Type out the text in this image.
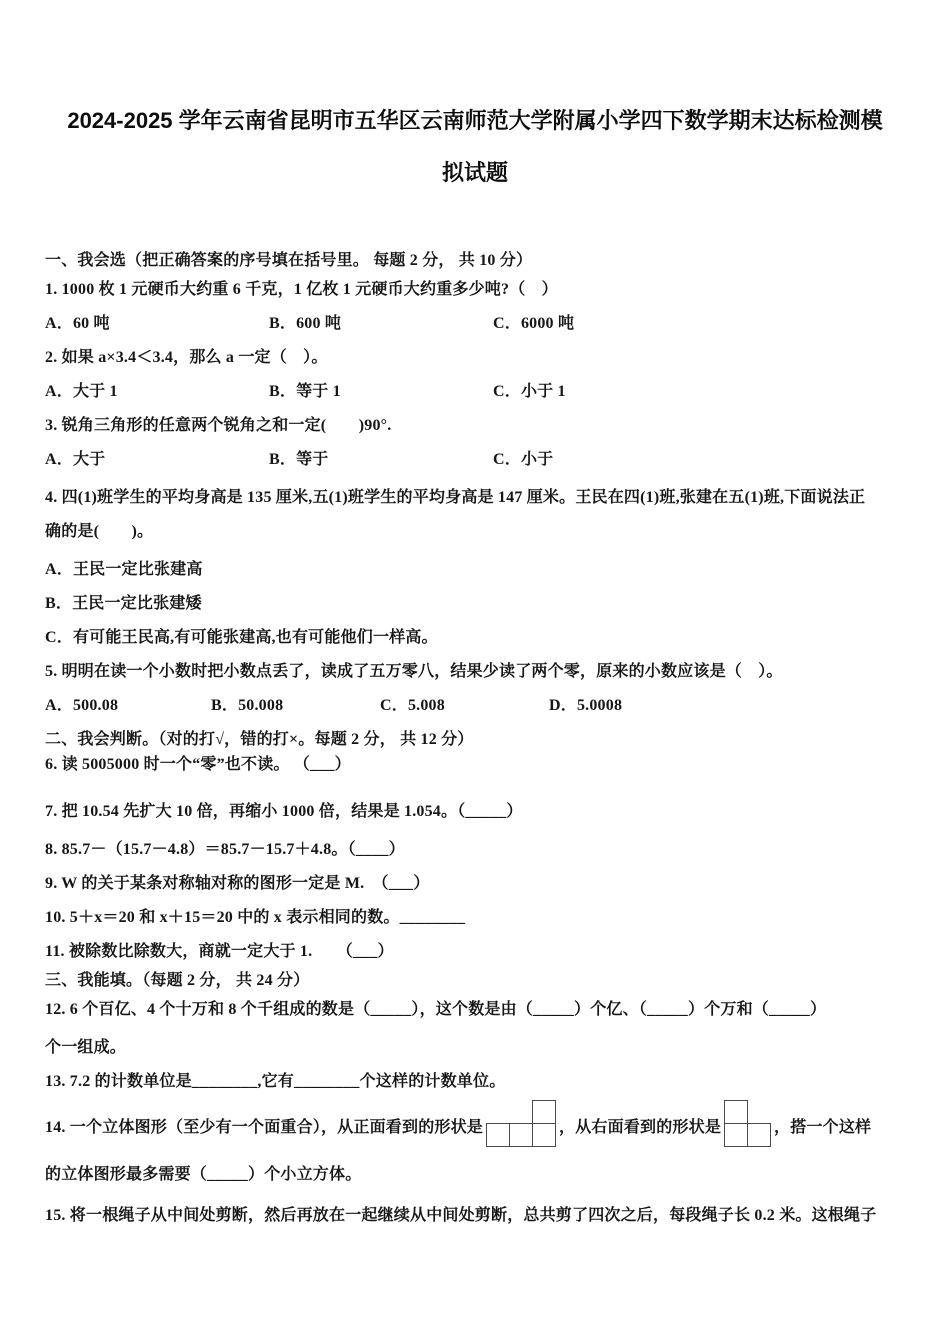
2024-2025 学年云南省昆明市五华区云南师范大学附属小学四下数学期末达标检测模
拟试题
一、我会选（把正确答案的序号填在括号里。 每题 2 分， 共 10 分）
1. 1000 枚 1 元硬币大约重 6 千克，1 亿枚 1 元硬币大约重多少吨?（　）
A．60 吨	B．600 吨	C．6000 吨
2. 如果 a×3.4＜3.4，那么 a 一定（　）。
A．大于 1	B．等于 1	C．小于 1
3. 锐角三角形的任意两个锐角之和一定(　　)90°.
A．大于	B．等于	C．小于
4. 四(1)班学生的平均身高是 135 厘米,五(1)班学生的平均身高是 147 厘米。王民在四(1)班,张建在五(1)班,下面说法正
确的是(　　)。
A．王民一定比张建高
B．王民一定比张建矮
C．有可能王民高,有可能张建高,也有可能他们一样高。
5. 明明在读一个小数时把小数点丢了，读成了五万零八，结果少读了两个零，原来的小数应该是（　）。
A．500.08	B．50.008	C．5.008	D．5.0008
二、我会判断。（对的打√，错的打×。每题 2 分， 共 12 分）
6. 读 5005000 时一个“零”也不读。 （___）
7. 把 10.54 先扩大 10 倍，再缩小 1000 倍，结果是 1.054。（_____）
8. 85.7－（15.7－4.8）＝85.7－15.7＋4.8。（____）
9. W 的关于某条对称轴对称的图形一定是 M.　（___）
10. 5＋x＝20 和 x＋15＝20 中的 x 表示相同的数。________
11. 被除数比除数大，商就一定大于 1.　　（___）
三、我能填。（每题 2 分， 共 24 分）
12. 6 个百亿、4 个十万和 8 个千组成的数是（_____），这个数是由（_____）个亿、（_____）个万和（_____）
个一组成。
13. 7.2 的计数单位是________,它有________个这样的计数单位。
14. 一个立体图形（至少有一个面重合），从正面看到的形状是	，从右面看到的形状是	，搭一个这样
的立体图形最多需要（_____）个小立方体。
15. 将一根绳子从中间处剪断，然后再放在一起继续从中间处剪断，总共剪了四次之后，每段绳子长 0.2 米。这根绳子
